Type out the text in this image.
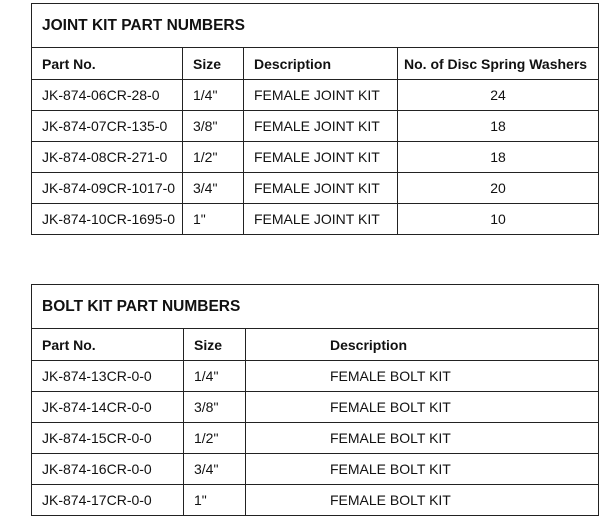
JOINT KIT PART NUMBERS			
Part No.	Size	Description	No. of Disc Spring Washers
JK-874-06CR-28-0	1/4"	FEMALE JOINT KIT	24
JK-874-07CR-135-0	3/8"	FEMALE JOINT KIT	18
JK-874-08CR-271-0	1/2"	FEMALE JOINT KIT	18
JK-874-09CR-1017-0	3/4"	FEMALE JOINT KIT	20
JK-874-10CR-1695-0	1"	FEMALE JOINT KIT	10
BOLT KIT PART NUMBERS		
Part No.	Size	Description
JK-874-13CR-0-0	1/4"	FEMALE BOLT KIT
JK-874-14CR-0-0	3/8"	FEMALE BOLT KIT
JK-874-15CR-0-0	1/2"	FEMALE BOLT KIT
JK-874-16CR-0-0	3/4"	FEMALE BOLT KIT
JK-874-17CR-0-0	1"	FEMALE BOLT KIT
